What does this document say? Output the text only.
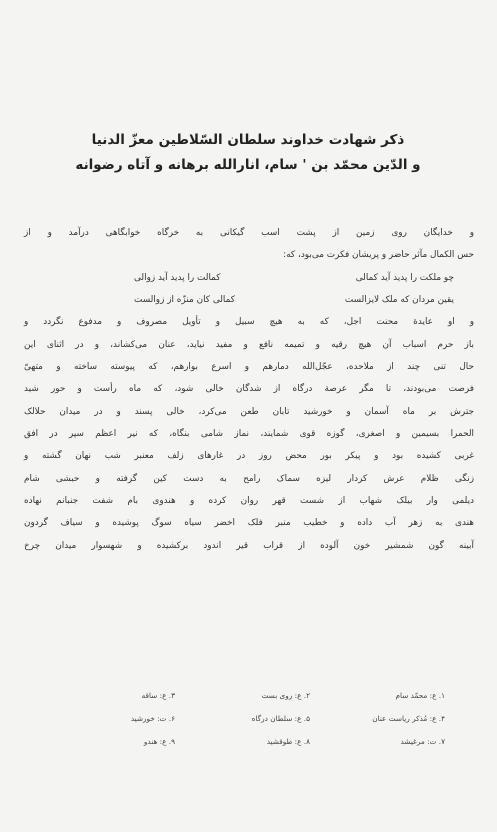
ذکر شهادت خداوند سلطان السّلاطین معزّ الدنیا
و الدّین محمّد بن ' سام، انارالله برهانه و آتاه رضوانه

و خدایگان روی زمین از پشت اسب گیکانی به خرگاه خوابگاهی درآمد و از

حس الکمال مآثر حاضر و پریشان فکرت می‌بود، که:

چو ملکت را پدید آید کمالی
کمالت را پدید آید زوالی
یقین مردان که ملک لایزالست
کمالی کان منزّه از زوالست

و او عایدة محنت اجل، که به هیچ سبیل و تأویل مصروف و مدفوع نگردد و

باز حرم اسباب آن هیچ رقیه و تمیمه نافع و مفید نیاید، عنان می‌کشاند، و در اثنای این

حال تنی چند از ملاحده، عجّل‌الله دمارهم و اسرع بوارهم، که پیوسته ساخته و متهیّ

فرصت می‌بودند، تا مگر عرصة درگاه از شدگان خالی شود، که ماه رأست و حور شید

جترش بر ماه آسمان و خورشید تابان طعن می‌کرد، خالی پسند و در میدان حلالک

الحمرا بسیمین و اصغری، گوزه قوی شمایند، نماز شامی بنگاه، که نیر اعظم سپر در افق

غربی کشیده بود و پیکر بور محض روز در غارهای زلف معنبر شب نهان گشته و

زنگی ظلام عرش کردار لیزه سماک رامح به دست کین گرفته و حبشی شام

دیلمی وار بیلک شهاب از شست قهر روان کرده و هندوی بام شفت جنبانم نهاده

هندی به زهر آب داده و خطیب منبر فلک اخضر سیاه سوگ پوشیده و سیاف گردون

آبینه گون شمشیر خون آلوده از قراب قیر اندود برکشیده و شهسوار میدان چرخ

۱. ع: محمّد سام
۲. ع: روی بست
۳. ع: ساقه
۴. ع: مُذکر ریاست عنان
۵. ع: سلطان درگاه
۶. ت: خورشید
۷. ت: مرغیشد
۸. ع: طوقشید
۹. ع: هندو
